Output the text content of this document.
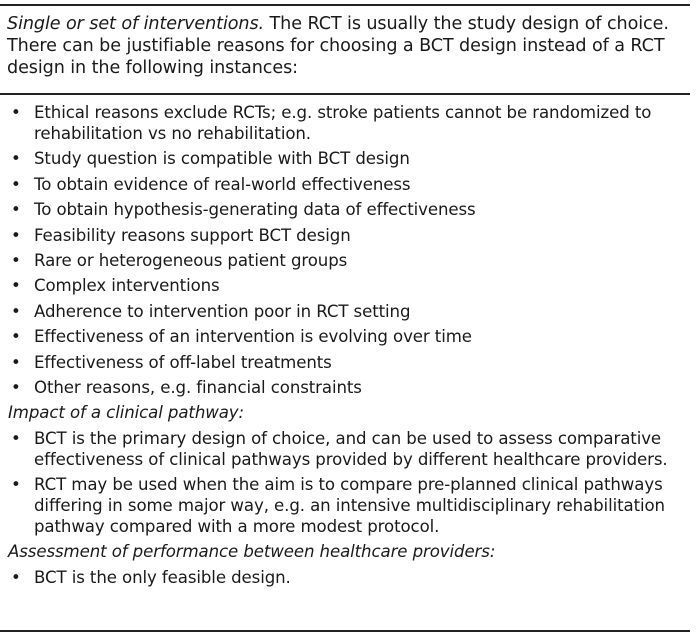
Single or set of interventions. The RCT is usually the study design of choice. There can be justifiable reasons for choosing a BCT design instead of a RCT design in the following instances:
• Ethical reasons exclude RCTs; e.g. stroke patients cannot be randomized to rehabilitation vs no rehabilitation.
• Study question is compatible with BCT design
• To obtain evidence of real-world effectiveness
• To obtain hypothesis-generating data of effectiveness
• Feasibility reasons support BCT design
• Rare or heterogeneous patient groups
• Complex interventions
• Adherence to intervention poor in RCT setting
• Effectiveness of an intervention is evolving over time
• Effectiveness of off-label treatments
• Other reasons, e.g. financial constraints
Impact of a clinical pathway:
• BCT is the primary design of choice, and can be used to assess comparative effectiveness of clinical pathways provided by different healthcare providers.
• RCT may be used when the aim is to compare pre-planned clinical pathways differing in some major way, e.g. an intensive multidisciplinary rehabilitation pathway compared with a more modest protocol.
Assessment of performance between healthcare providers:
• BCT is the only feasible design.
